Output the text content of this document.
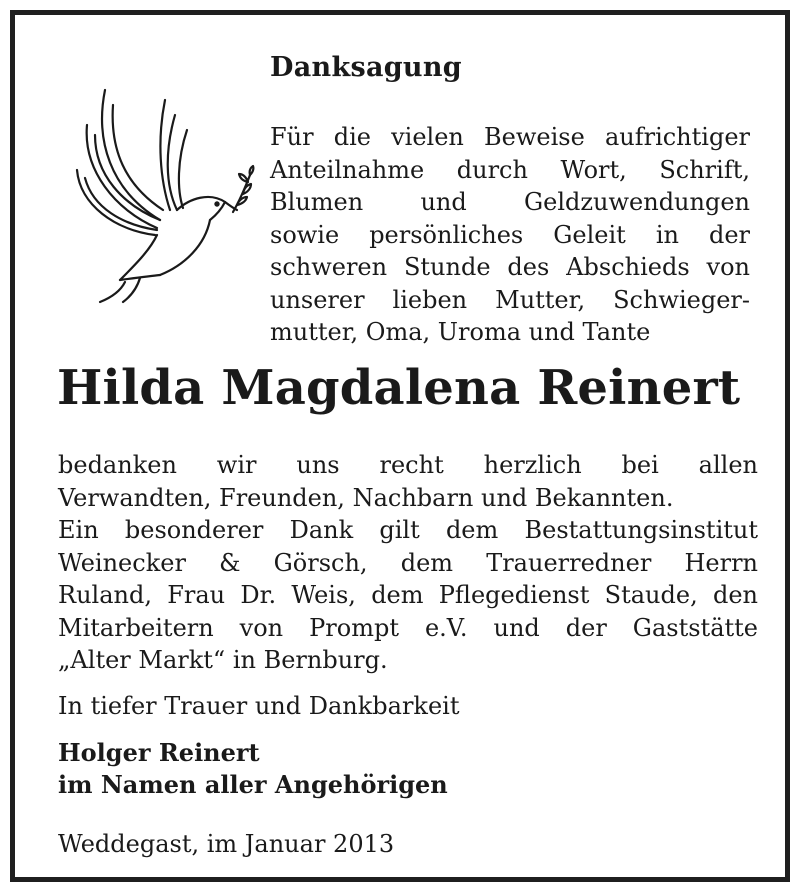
Danksagung
Für die vielen Beweise aufrichtiger
Anteilnahme durch Wort, Schrift,
Blumen und Geldzuwendungen
sowie persönliches Geleit in der
schweren Stunde des Abschieds von
unserer lieben Mutter, Schwieger-
mutter, Oma, Uroma und Tante
Hilda Magdalena Reinert
bedanken wir uns recht herzlich bei allen
Verwandten, Freunden, Nachbarn und Bekannten.
Ein besonderer Dank gilt dem Bestattungsinstitut
Weinecker & Görsch, dem Trauerredner Herrn
Ruland, Frau Dr. Weis, dem Pflegedienst Staude, den
Mitarbeitern von Prompt e.V. und der Gaststätte
„Alter Markt“ in Bernburg.
In tiefer Trauer und Dankbarkeit
Holger Reinert
im Namen aller Angehörigen
Weddegast, im Januar 2013
